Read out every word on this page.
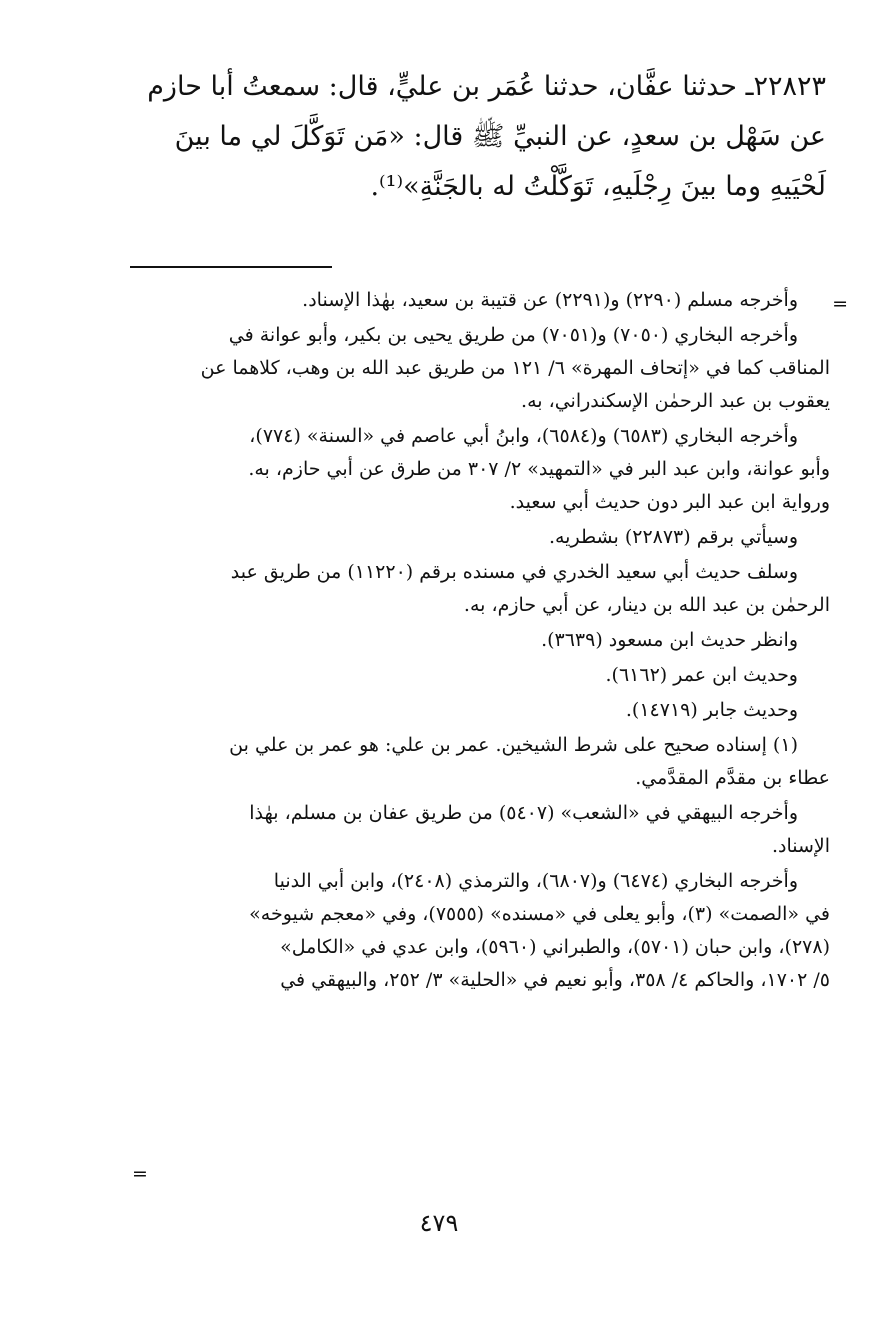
٢٢٨٢٣ـ حدثنا عفَّان، حدثنا عُمَر بن عليٍّ، قال: سمعتُ أبا حازم
عن سَهْل بن سعدٍ، عن النبيِّ ﷺ قال: «مَن تَوَكَّلَ لي ما بينَ
لَحْيَيهِ وما بينَ رِجْلَيهِ، تَوَكَّلْتُ له بالجَنَّةِ»⁽¹⁾.
=

وأخرجه مسلم (٢٢٩٠) و(٢٢٩١) عن قتيبة بن سعيد، بهٰذا الإسناد.

وأخرجه البخاري (٧٠٥٠) و(٧٠٥١) من طريق يحيى بن بكير، وأبو عوانة في
المناقب كما في «إتحاف المهرة» ٦/ ١٢١ من طريق عبد الله بن وهب، كلاهما عن
يعقوب بن عبد الرحمٰن الإسكندراني، به.

وأخرجه البخاري (٦٥٨٣) و(٦٥٨٤)، وابنُ أبي عاصم في «السنة» (٧٧٤)،
وأبو عوانة، وابن عبد البر في «التمهيد» ٢/ ٣٠٧ من طرق عن أبي حازم، به.
ورواية ابن عبد البر دون حديث أبي سعيد.

وسيأتي برقم (٢٢٨٧٣) بشطريه.

وسلف حديث أبي سعيد الخدري في مسنده برقم (١١٢٢٠) من طريق عبد
الرحمٰن بن عبد الله بن دينار، عن أبي حازم، به.

وانظر حديث ابن مسعود (٣٦٣٩).

وحديث ابن عمر (٦١٦٢).

وحديث جابر (١٤٧١٩).

(١) إسناده صحيح على شرط الشيخين. عمر بن علي: هو عمر بن علي بن
عطاء بن مقدَّم المقدَّمي.

وأخرجه البيهقي في «الشعب» (٥٤٠٧) من طريق عفان بن مسلم، بهٰذا
الإسناد.

وأخرجه البخاري (٦٤٧٤) و(٦٨٠٧)، والترمذي (٢٤٠٨)، وابن أبي الدنيا
في «الصمت» (٣)، وأبو يعلى في «مسنده» (٧٥٥٥)، وفي «معجم شيوخه»
(٢٧٨)، وابن حبان (٥٧٠١)، والطبراني (٥٩٦٠)، وابن عدي في «الكامل»
٥/ ١٧٠٢، والحاكم ٤/ ٣٥٨، وأبو نعيم في «الحلية» ٣/ ٢٥٢، والبيهقي في

=
٤٧٩
